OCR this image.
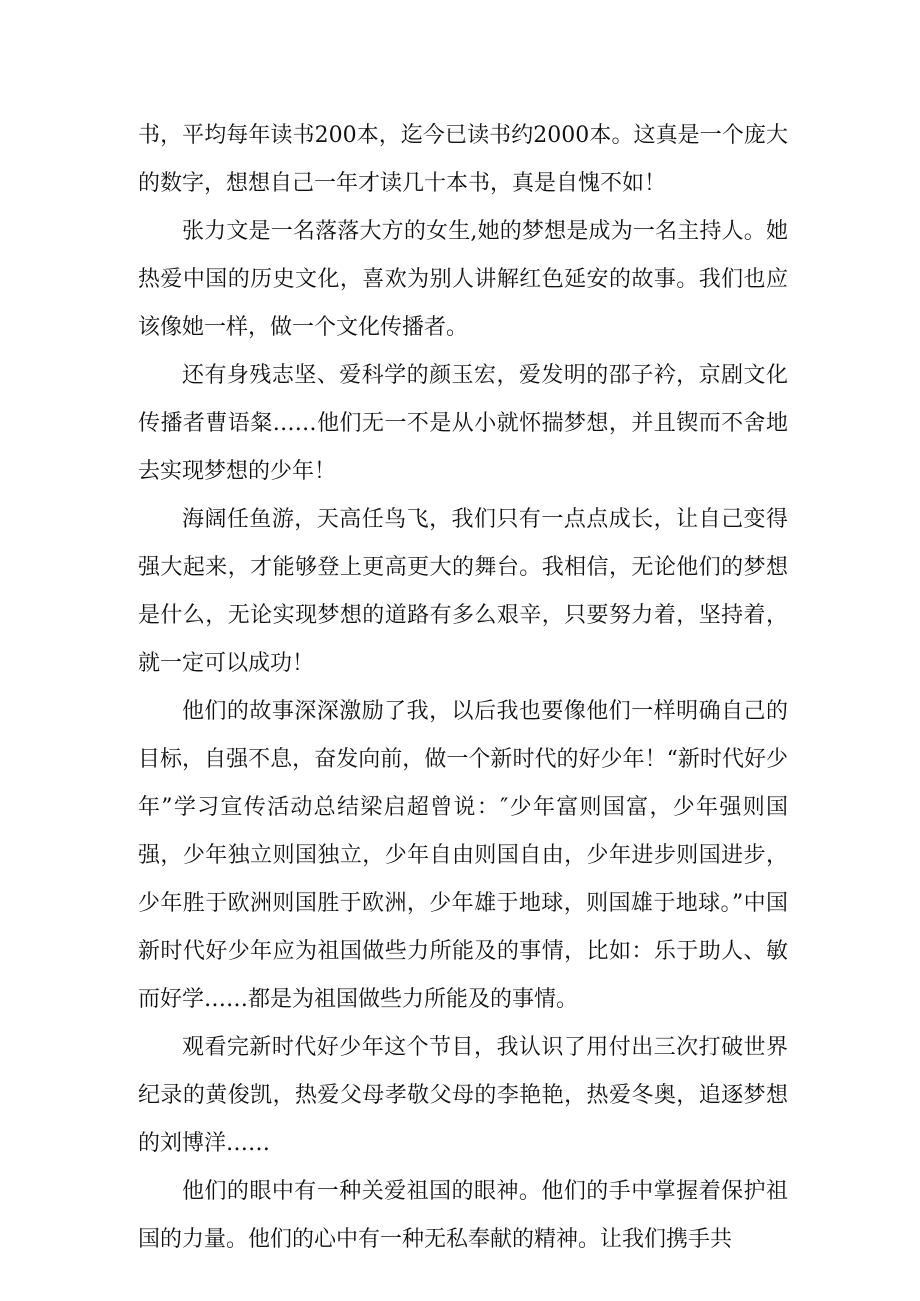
书，平均每年读书200本，迄今已读书约2000本。这真是一个庞大的数字，想想自己一年才读几十本书，真是自愧不如！

张力文是一名落落大方的女生,她的梦想是成为一名主持人。她热爱中国的历史文化，喜欢为别人讲解红色延安的故事。我们也应该像她一样，做一个文化传播者。

还有身残志坚、爱科学的颜玉宏，爱发明的邵子衿，京剧文化传播者曹语粲……他们无一不是从小就怀揣梦想，并且锲而不舍地去实现梦想的少年！

海阔任鱼游，天高任鸟飞，我们只有一点点成长，让自己变得强大起来，才能够登上更高更大的舞台。我相信，无论他们的梦想是什么，无论实现梦想的道路有多么艰辛，只要努力着，坚持着，就一定可以成功！

他们的故事深深激励了我，以后我也要像他们一样明确自己的目标，自强不息，奋发向前，做一个新时代的好少年！“新时代好少年”学习宣传活动总结梁启超曾说：″少年富则国富，少年强则国强，少年独立则国独立，少年自由则国自由，少年进步则国进步，少年胜于欧洲则国胜于欧洲，少年雄于地球，则国雄于地球。”中国新时代好少年应为祖国做些力所能及的事情，比如：乐于助人、敏而好学……都是为祖国做些力所能及的事情。

观看完新时代好少年这个节目，我认识了用付出三次打破世界纪录的黄俊凯，热爱父母孝敬父母的李艳艳，热爱冬奥，追逐梦想的刘博洋……

他们的眼中有一种关爱祖国的眼神。他们的手中掌握着保护祖国的力量。他们的心中有一种无私奉献的精神。让我们携手共
